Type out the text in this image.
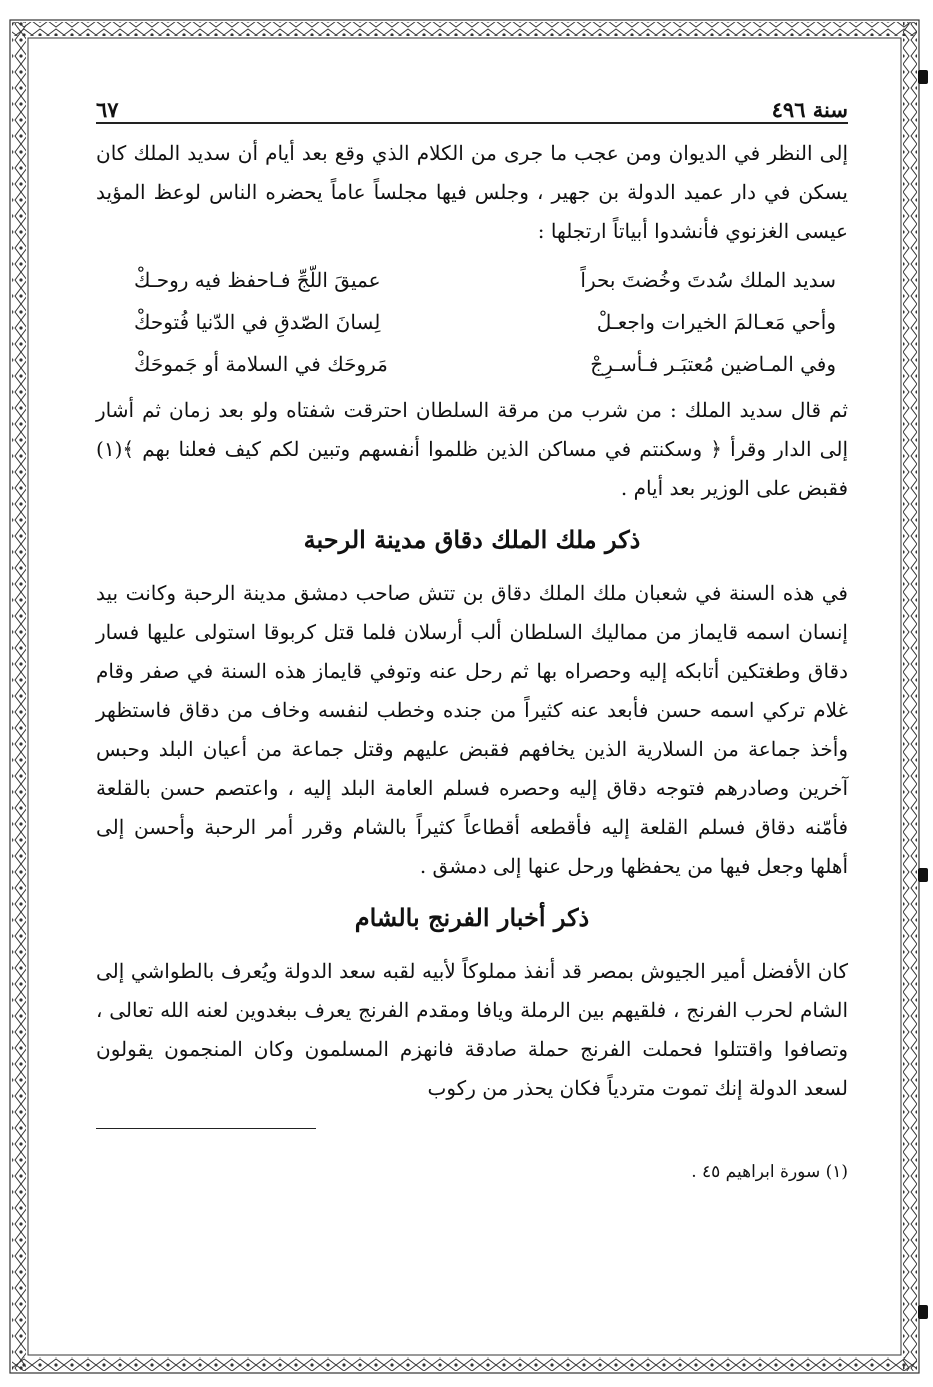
سنة ٤٩٦
٦٧

إلى النظر في الديوان ومن عجب ما جرى من الكلام الذي وقع بعد أيام أن سديد الملك كان يسكن في دار عميد الدولة بن جهير ، وجلس فيها مجلساً عاماً يحضره الناس لوعظ المؤيد عيسى الغزنوي فأنشدوا أبياتاً ارتجلها :

سديد الملك سُدتَ وخُضتَ بحراً
عميقَ اللّجِّ فـاحفظ فيه روحـكْ
وأحي مَعـالمَ الخيرات واجعـلْ
لِسانَ الصّدقِ في الدّنيا فُتوحكْ
وفي المـاضين مُعتبَـر فـأسـرِجْ
مَروحَك في السلامة أو جَموحَكْ

ثم قال سديد الملك : من شرب من مرقة السلطان احترقت شفتاه ولو بعد زمان ثم أشار إلى الدار وقرأ ﴿ وسكنتم في مساكن الذين ظلموا أنفسهم وتبين لكم كيف فعلنا بهم ﴾(١) فقبض على الوزير بعد أيام .

ذكر ملك الملك دقاق مدينة الرحبة

في هذه السنة في شعبان ملك الملك دقاق بن تتش صاحب دمشق مدينة الرحبة وكانت بيد إنسان اسمه قايماز من مماليك السلطان ألب أرسلان فلما قتل كربوقا استولى عليها فسار دقاق وطغتكين أتابكه إليه وحصراه بها ثم رحل عنه وتوفي قايماز هذه السنة في صفر وقام غلام تركي اسمه حسن فأبعد عنه كثيراً من جنده وخطب لنفسه وخاف من دقاق فاستظهر وأخذ جماعة من السلارية الذين يخافهم فقبض عليهم وقتل جماعة من أعيان البلد وحبس آخرين وصادرهم فتوجه دقاق إليه وحصره فسلم العامة البلد إليه ، واعتصم حسن بالقلعة فأمّنه دقاق فسلم القلعة إليه فأقطعه أقطاعاً كثيراً بالشام وقرر أمر الرحبة وأحسن إلى أهلها وجعل فيها من يحفظها ورحل عنها إلى دمشق .

ذكر أخبار الفرنج بالشام

كان الأفضل أمير الجيوش بمصر قد أنفذ مملوكاً لأبيه لقبه سعد الدولة ويُعرف بالطواشي إلى الشام لحرب الفرنج ، فلقيهم بين الرملة ويافا ومقدم الفرنج يعرف ببغدوين لعنه الله تعالى ، وتصافوا واقتتلوا فحملت الفرنج حملة صادقة فانهزم المسلمون وكان المنجمون يقولون لسعد الدولة إنك تموت متردياً فكان يحذر من ركوب

(١) سورة ابراهيم ٤٥ .
